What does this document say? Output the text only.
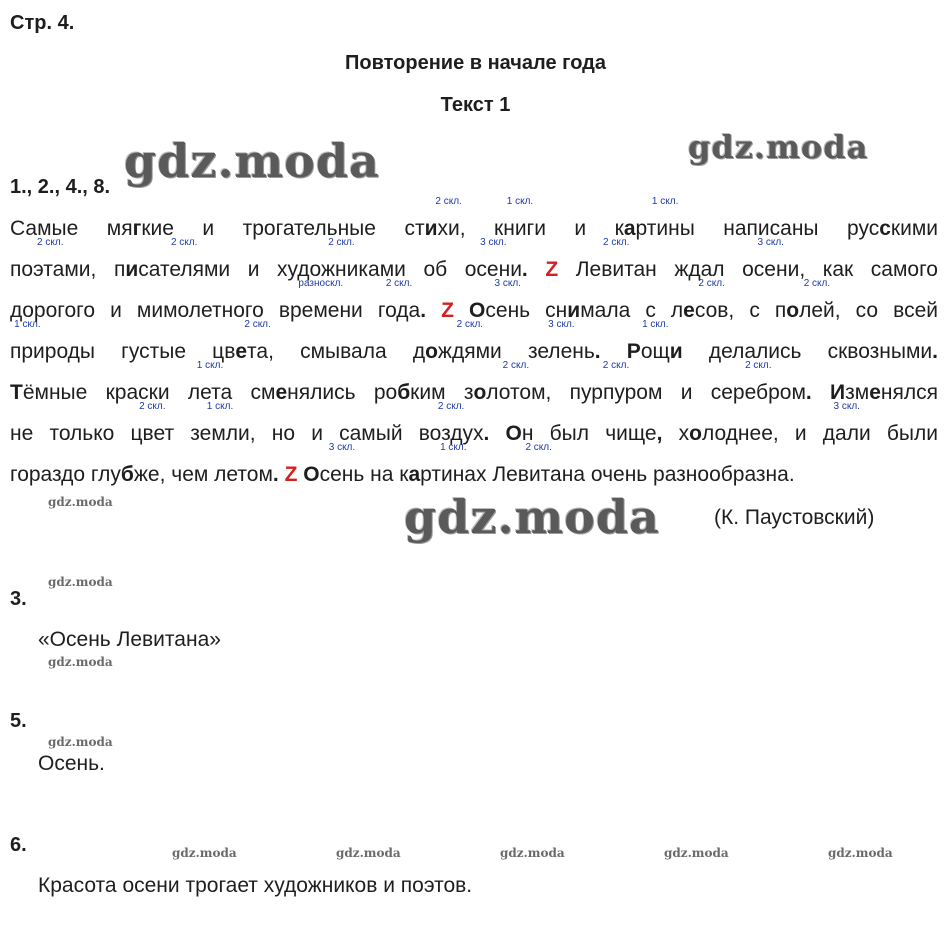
Стр. 4.
Повторение в начале года
Текст 1
gdz.moda	gdz.moda
1., 2., 4., 8.
Самые мягкие и трогательные стихи
2 скл.
, книги
1 скл.
и картины
1 скл.
написаны русскими
поэтами
2 скл.
, писателями
2 скл.
и художниками
2 скл.
об осени
3 скл.
. Z Левитан
2 скл.
ждал осени
3 скл.
, как самого
дорогого и мимолетного времени
разноскл.
года
2 скл.
. Z Осень
3 скл.
снимала с лесов
2 скл.
, с полей
2 скл.
, со всей
при
1 скл.
роды густые цвета
2 скл.
, смывала дождями
2 скл.
зелень
3 скл.
. Рощ
1 скл.
и делались сквозными.
Тёмные краски лета
1 скл.
сменялись робким золотом
2 скл.
, пурпуром
2 скл.
и серебром
2 скл.
. Изменялся
не только цвет
2 скл.
земли
1 скл.
, но и самый воздух
2 скл.
. Он был чище, холоднее, и дали
3 скл.
были
гораздо глубже, чем летом. Z Осень
3 скл.
на картинах
1 скл.
Левитана
2 скл.
очень разнообразна.
gdz.moda	gdz.moda	(К. Паустовский)
gdz.moda
3.
«Осень Левитана»
gdz.moda
5.
gdz.moda
Осень.
6.	gdz.moda	gdz.moda	gdz.moda	gdz.moda	gdz.moda
Красота осени трогает художников и поэтов.
